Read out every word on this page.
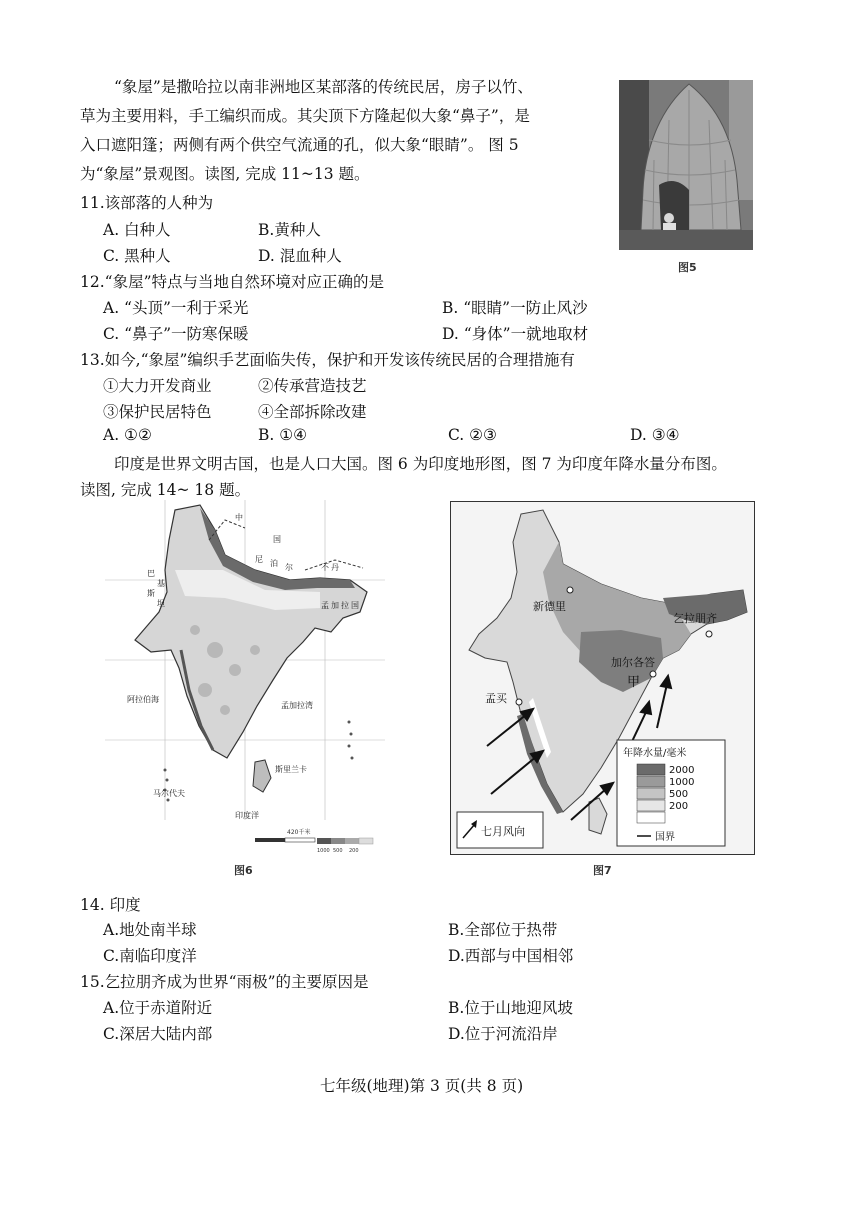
“象屋”是撒哈拉以南非洲地区某部落的传统民居，房子以竹、
草为主要用料，手工编织而成。其尖顶下方隆起似大象“鼻子”，是
入口遮阳篷；两侧有两个供空气流通的孔，似大象“眼睛”。 图 5
为“象屋”景观图。读图, 完成 11~13 题。
图5
11.该部落的人种为
A. 白种人	B.黄种人
C. 黑种人	D. 混血种人
12.“象屋”特点与当地自然环境对应正确的是
A. “头顶”一利于采光	B. “眼睛”一防止风沙
C. “鼻子”一防寒保暖	D. “身体”一就地取材
13.如今,“象屋”编织手艺面临失传，保护和开发该传统民居的合理措施有
①大力开发商业	②传承营造技艺
③保护民居特色	④全部拆除改建
A. ①②	B. ①④	C. ②③	D. ③④
印度是世界文明古国，也是人口大国。图 6 为印度地形图，图 7 为印度年降水量分布图。
读图, 完成 14~ 18 题。
中
国
巴
基
斯
坦
尼 泊 尔	不 丹
孟 加 拉 国
阿拉伯海
孟加拉湾
印度洋
马尔代夫
斯里兰卡
420千米
1000 500 200
图6
新德里
乞拉朋齐
加尔各答
甲
孟买
年降水量/毫米
2000
1000
500
200
国界
七月风向
图7
14. 印度
A.地处南半球	B.全部位于热带
C.南临印度洋	D.西部与中国相邻
15.乞拉朋齐成为世界“雨极”的主要原因是
A.位于赤道附近	B.位于山地迎风坡
C.深居大陆内部	D.位于河流沿岸
七年级(地理)第 3 页(共 8 页)
